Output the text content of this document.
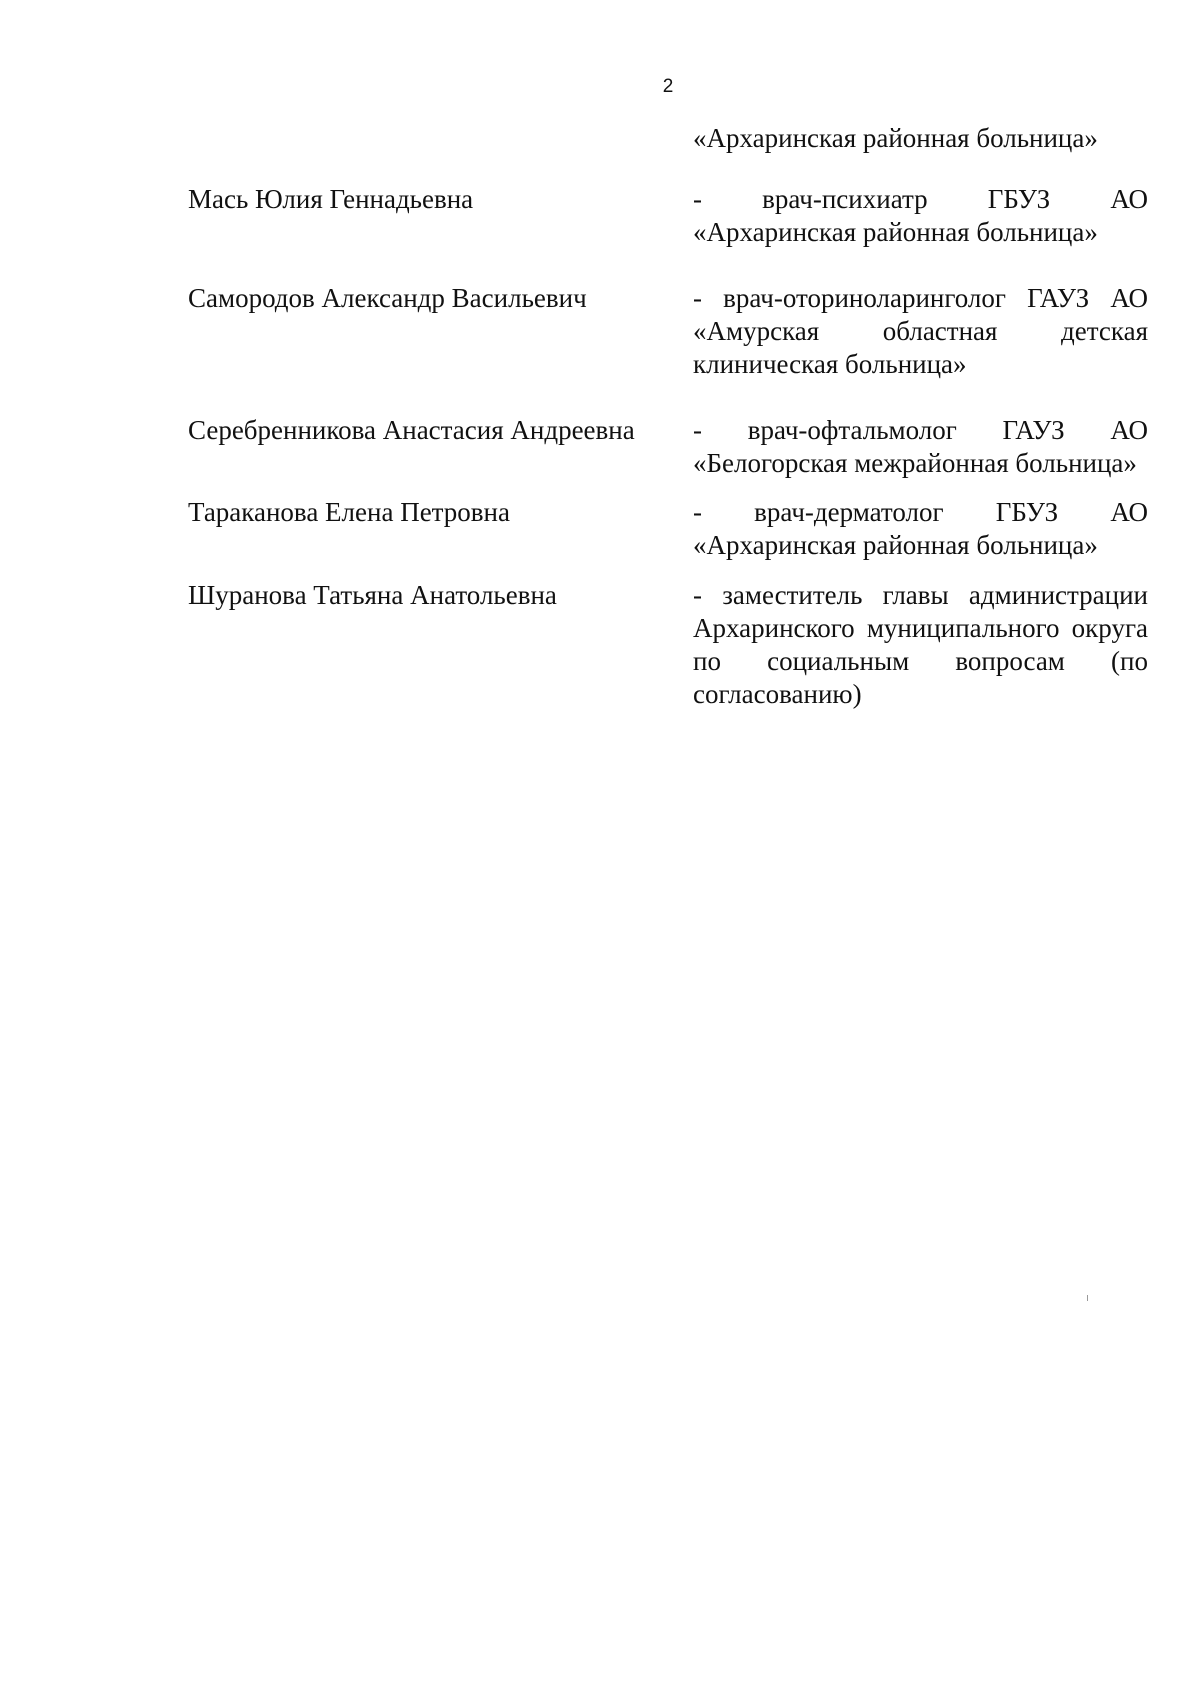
2
«Архаринская районная больница»
Мась Юлия Геннадьевна	- врач-психиатр ГБУЗ АО «Архаринская районная больница»
Самородов Александр Васильевич	- врач-оториноларинголог ГАУЗ АО «Амурская областная детская клиническая больница»
Серебренникова Анастасия Андреевна	- врач-офтальмолог ГАУЗ АО «Белогорская межрайонная больница»
Тараканова Елена Петровна	- врач-дерматолог ГБУЗ АО «Архаринская районная больница»
Шуранова Татьяна Анатольевна	- заместитель главы администрации Архаринского муниципального округа по социальным вопросам (по согласованию)
